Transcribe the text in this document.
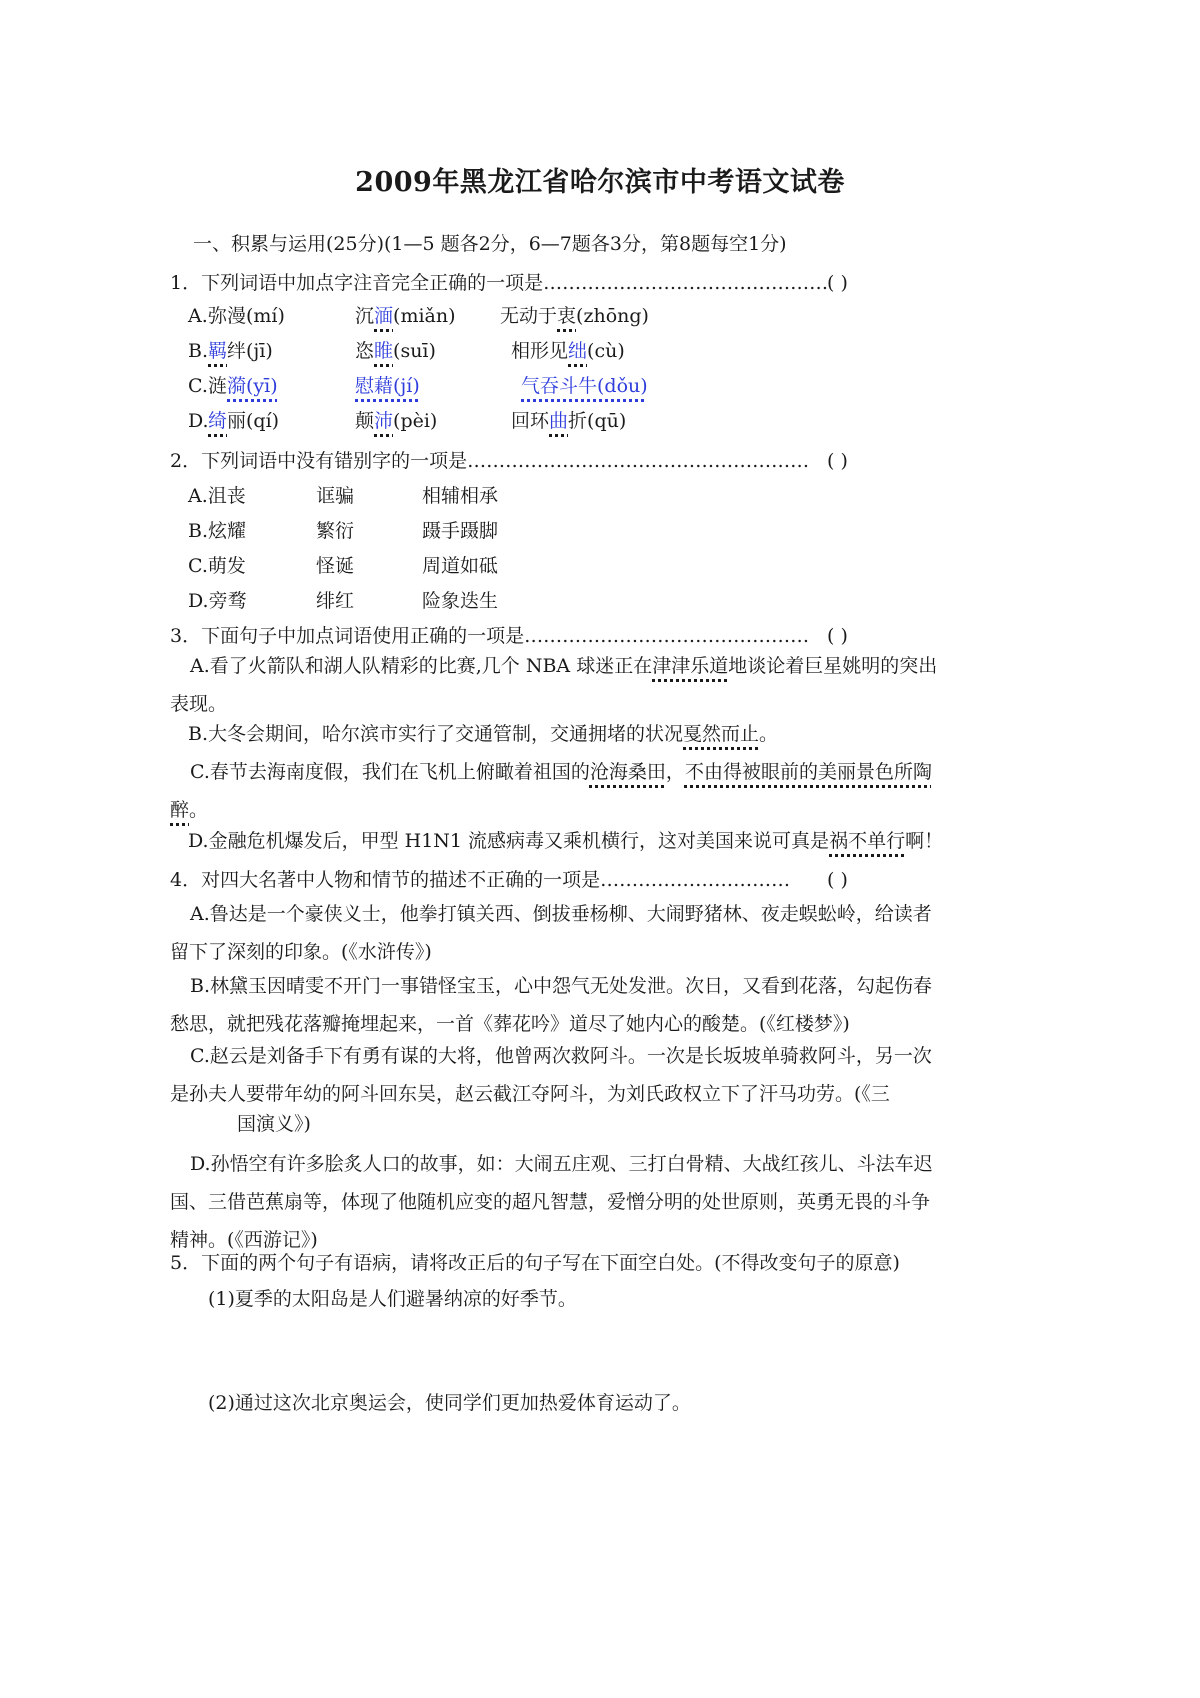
2009年黑龙江省哈尔滨市中考语文试卷
一、积累与运用(25分)(1—5 题各2分，6—7题各3分，第8题每空1分)
1．下列词语中加点字注音完全正确的一项是………………………………………
( )
A. 弥漫(mí)	沉湎(miǎn) 无动于衷(zhōng)
B. 羁绊(jī)	恣睢(suī)	相形见绌(cù)
C. 涟漪(yī)	慰藉(jí)	气吞斗牛(dǒu)
D. 绮丽(qí)	颠沛(pèi)	回环曲折(qū)
2．下列词语中没有错别字的一项是……………………………………………… ( )
A.沮丧	诓骗	相辅相承
B.炫耀	繁衍	蹑手蹑脚
C.萌发	怪诞	周道如砥
D.旁骛	绯红	险象迭生
3．下面句子中加点词语使用正确的一项是……………………………………… ( )
A.看了火箭队和湖人队精彩的比赛,几个 NBA 球迷正在津津乐道地谈论着巨星姚明的突出表现。
B.大冬会期间，哈尔滨市实行了交通管制，交通拥堵的状况戛然而止。
C.春节去海南度假，我们在飞机上俯瞰着祖国的沧海桑田，不由得被眼前的美丽景色所陶醉。
D.金融危机爆发后，甲型 H1N1 流感病毒又乘机横行，这对美国来说可真是祸不单行啊！
4．对四大名著中人物和情节的描述不正确的一项是………………………… ( )
A.鲁达是一个豪侠义士，他拳打镇关西、倒拔垂杨柳、大闹野猪林、夜走蜈蚣岭，给读者留下了深刻的印象。(《水浒传》)
B.林黛玉因晴雯不开门一事错怪宝玉，心中怨气无处发泄。次日，又看到花落，勾起伤春愁思，就把残花落瓣掩埋起来，一首《葬花吟》道尽了她内心的酸楚。(《红楼梦》)
C.赵云是刘备手下有勇有谋的大将，他曾两次救阿斗。一次是长坂坡单骑救阿斗，另一次是孙夫人要带年幼的阿斗回东吴，赵云截江夺阿斗，为刘氏政权立下了汗马功劳。(《三
国演义》)
D.孙悟空有许多脍炙人口的故事，如：大闹五庄观、三打白骨精、大战红孩儿、斗法车迟国、三借芭蕉扇等，体现了他随机应变的超凡智慧，爱憎分明的处世原则，英勇无畏的斗争精神。(《西游记》)
5．下面的两个句子有语病，请将改正后的句子写在下面空白处。(不得改变句子的原意)
(1)夏季的太阳岛是人们避暑纳凉的好季节。
(2)通过这次北京奥运会，使同学们更加热爱体育运动了。
